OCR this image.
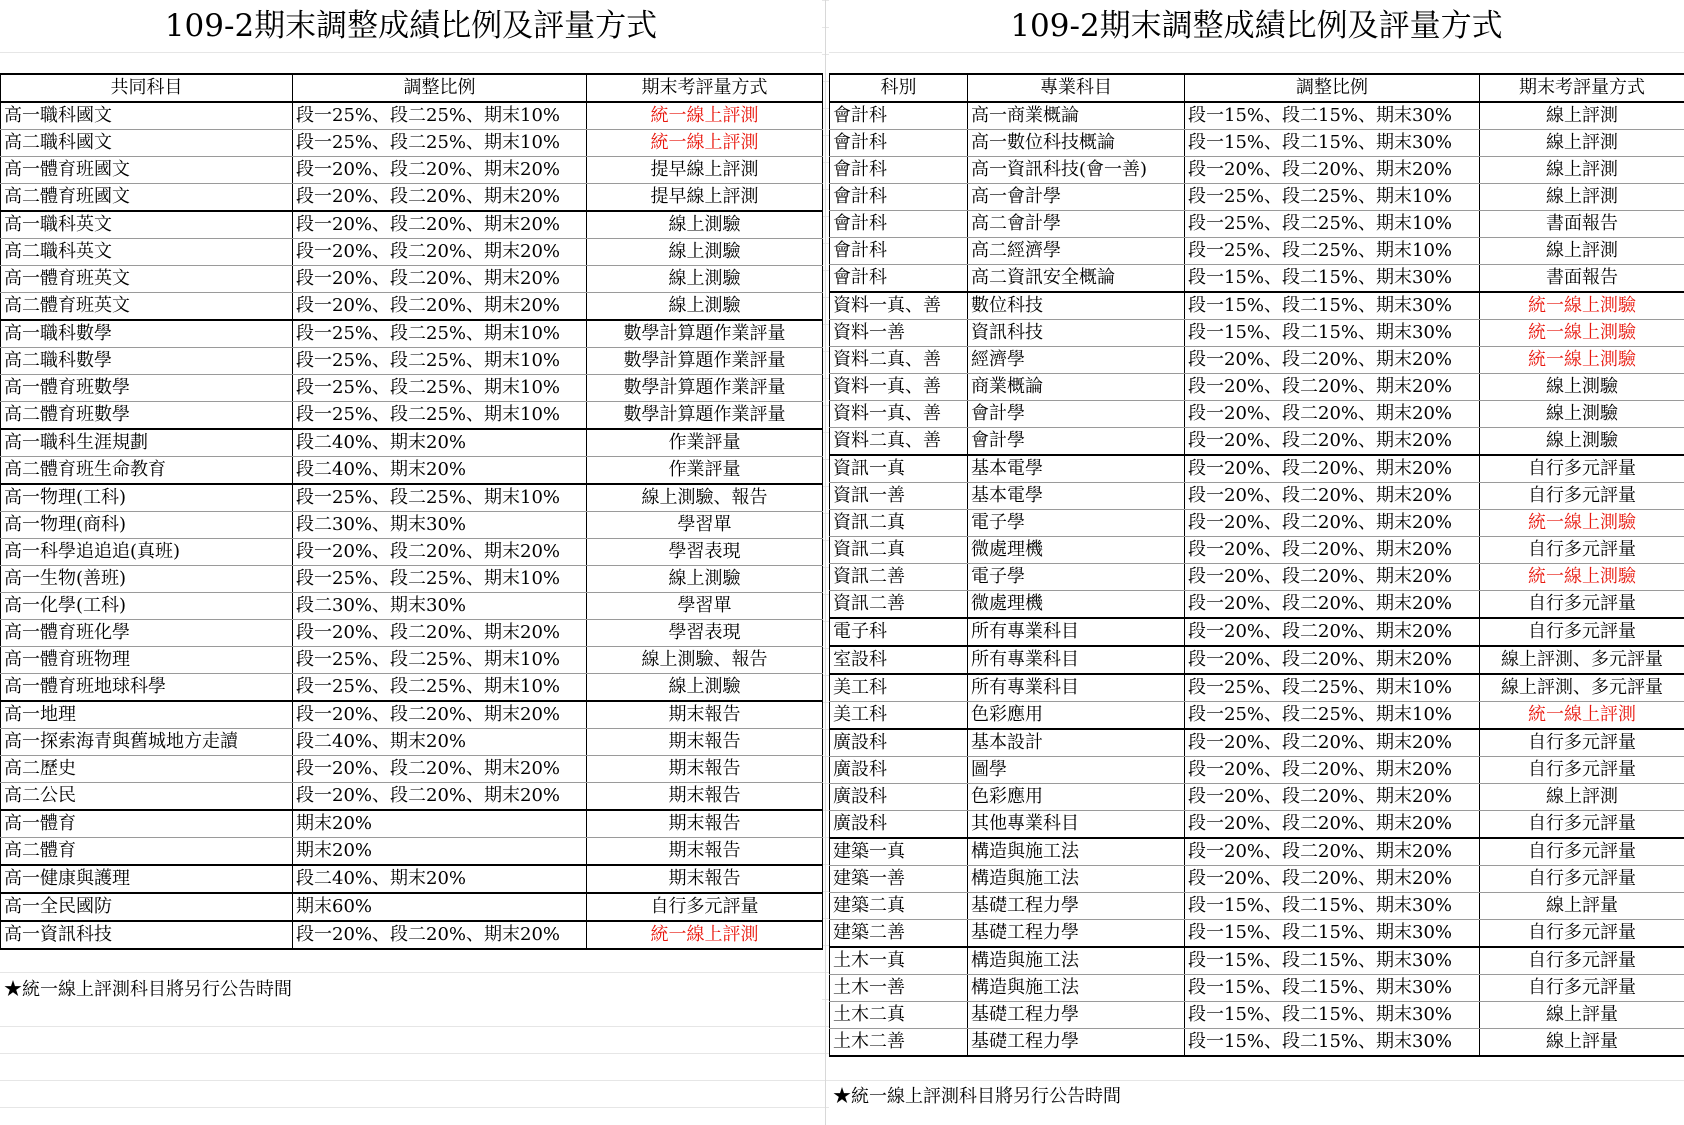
109-2期末調整成績比例及評量方式
共同科目	調整比例	期末考評量方式
高一職科國文	段一25%、段二25%、期末10%	統一線上評測
高二職科國文	段一25%、段二25%、期末10%	統一線上評測
高一體育班國文	段一20%、段二20%、期末20%	提早線上評測
高二體育班國文	段一20%、段二20%、期末20%	提早線上評測
高一職科英文	段一20%、段二20%、期末20%	線上測驗
高二職科英文	段一20%、段二20%、期末20%	線上測驗
高一體育班英文	段一20%、段二20%、期末20%	線上測驗
高二體育班英文	段一20%、段二20%、期末20%	線上測驗
高一職科數學	段一25%、段二25%、期末10%	數學計算題作業評量
高二職科數學	段一25%、段二25%、期末10%	數學計算題作業評量
高一體育班數學	段一25%、段二25%、期末10%	數學計算題作業評量
高二體育班數學	段一25%、段二25%、期末10%	數學計算題作業評量
高一職科生涯規劃	段二40%、期末20%	作業評量
高二體育班生命教育	段二40%、期末20%	作業評量
高一物理(工科)	段一25%、段二25%、期末10%	線上測驗、報告
高一物理(商科)	段二30%、期末30%	學習單
高一科學追追追(真班)	段一20%、段二20%、期末20%	學習表現
高一生物(善班)	段一25%、段二25%、期末10%	線上測驗
高一化學(工科)	段二30%、期末30%	學習單
高一體育班化學	段一20%、段二20%、期末20%	學習表現
高一體育班物理	段一25%、段二25%、期末10%	線上測驗、報告
高一體育班地球科學	段一25%、段二25%、期末10%	線上測驗
高一地理	段一20%、段二20%、期末20%	期末報告
高一探索海青與舊城地方走讀	段二40%、期末20%	期末報告
高二歷史	段一20%、段二20%、期末20%	期末報告
高二公民	段一20%、段二20%、期末20%	期末報告
高一體育	期末20%	期末報告
高二體育	期末20%	期末報告
高一健康與護理	段二40%、期末20%	期末報告
高一全民國防	期末60%	自行多元評量
高一資訊科技	段一20%、段二20%、期末20%	統一線上評測
★統一線上評測科目將另行公告時間
109-2期末調整成績比例及評量方式
科別	專業科目	調整比例	期末考評量方式
會計科	高一商業概論	段一15%、段二15%、期末30%	線上評測
會計科	高一數位科技概論	段一15%、段二15%、期末30%	線上評測
會計科	高一資訊科技(會一善)	段一20%、段二20%、期末20%	線上評測
會計科	高一會計學	段一25%、段二25%、期末10%	線上評測
會計科	高二會計學	段一25%、段二25%、期末10%	書面報告
會計科	高二經濟學	段一25%、段二25%、期末10%	線上評測
會計科	高二資訊安全概論	段一15%、段二15%、期末30%	書面報告
資料一真、善	數位科技	段一15%、段二15%、期末30%	統一線上測驗
資料一善	資訊科技	段一15%、段二15%、期末30%	統一線上測驗
資料二真、善	經濟學	段一20%、段二20%、期末20%	統一線上測驗
資料一真、善	商業概論	段一20%、段二20%、期末20%	線上測驗
資料一真、善	會計學	段一20%、段二20%、期末20%	線上測驗
資料二真、善	會計學	段一20%、段二20%、期末20%	線上測驗
資訊一真	基本電學	段一20%、段二20%、期末20%	自行多元評量
資訊一善	基本電學	段一20%、段二20%、期末20%	自行多元評量
資訊二真	電子學	段一20%、段二20%、期末20%	統一線上測驗
資訊二真	微處理機	段一20%、段二20%、期末20%	自行多元評量
資訊二善	電子學	段一20%、段二20%、期末20%	統一線上測驗
資訊二善	微處理機	段一20%、段二20%、期末20%	自行多元評量
電子科	所有專業科目	段一20%、段二20%、期末20%	自行多元評量
室設科	所有專業科目	段一20%、段二20%、期末20%	線上評測、多元評量
美工科	所有專業科目	段一25%、段二25%、期末10%	線上評測、多元評量
美工科	色彩應用	段一25%、段二25%、期末10%	統一線上評測
廣設科	基本設計	段一20%、段二20%、期末20%	自行多元評量
廣設科	圖學	段一20%、段二20%、期末20%	自行多元評量
廣設科	色彩應用	段一20%、段二20%、期末20%	線上評測
廣設科	其他專業科目	段一20%、段二20%、期末20%	自行多元評量
建築一真	構造與施工法	段一20%、段二20%、期末20%	自行多元評量
建築一善	構造與施工法	段一20%、段二20%、期末20%	自行多元評量
建築二真	基礎工程力學	段一15%、段二15%、期末30%	線上評量
建築二善	基礎工程力學	段一15%、段二15%、期末30%	自行多元評量
土木一真	構造與施工法	段一15%、段二15%、期末30%	自行多元評量
土木一善	構造與施工法	段一15%、段二15%、期末30%	自行多元評量
土木二真	基礎工程力學	段一15%、段二15%、期末30%	線上評量
土木二善	基礎工程力學	段一15%、段二15%、期末30%	線上評量
★統一線上評測科目將另行公告時間
